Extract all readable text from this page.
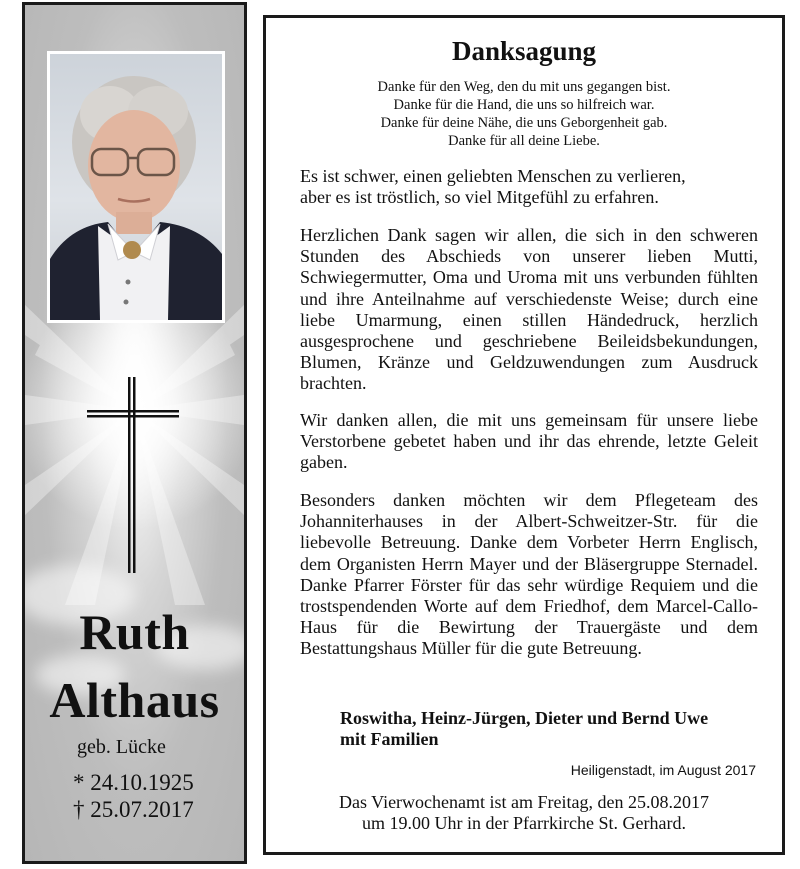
Ruth
Althaus
geb. Lücke
* 24.10.1925
† 25.07.2017
Danksagung
Danke für den Weg, den du mit uns gegangen bist.
Danke für die Hand, die uns so hilfreich war.
Danke für deine Nähe, die uns Geborgenheit gab.
Danke für all deine Liebe.
Es ist schwer, einen geliebten Menschen zu verlieren,
aber es ist tröstlich, so viel Mitgefühl zu erfahren.
Herzlichen Dank sagen wir allen, die sich in den schweren Stunden des Abschieds von unserer lieben Mutti, Schwiegermutter, Oma und Uroma mit uns verbunden fühlten und ihre Anteilnahme auf verschiedenste Weise; durch eine liebe Umarmung, einen stillen Händedruck, herzlich ausgesprochene und geschriebene Beileidsbekundungen, Blumen, Kränze und Geldzuwendungen zum Ausdruck brachten.
Wir danken allen, die mit uns gemeinsam für unsere liebe Verstorbene gebetet haben und ihr das ehrende, letzte Geleit gaben.
Besonders danken möchten wir dem Pflegeteam des Johanniterhauses in der Albert-Schweitzer-Str. für die liebevolle Betreuung. Danke dem Vorbeter Herrn Englisch, dem Organisten Herrn Mayer und der Bläsergruppe Sternadel. Danke Pfarrer Förster für das sehr würdige Requiem und die trostspendenden Worte auf dem Friedhof, dem Marcel-Callo-Haus für die Bewirtung der Trauergäste und dem Bestattungshaus Müller für die gute Betreuung.
Roswitha, Heinz-Jürgen, Dieter und Bernd Uwe
mit Familien
Heiligenstadt, im August 2017
Das Vierwochenamt ist am Freitag, den 25.08.2017
um 19.00 Uhr in der Pfarrkirche St. Gerhard.
